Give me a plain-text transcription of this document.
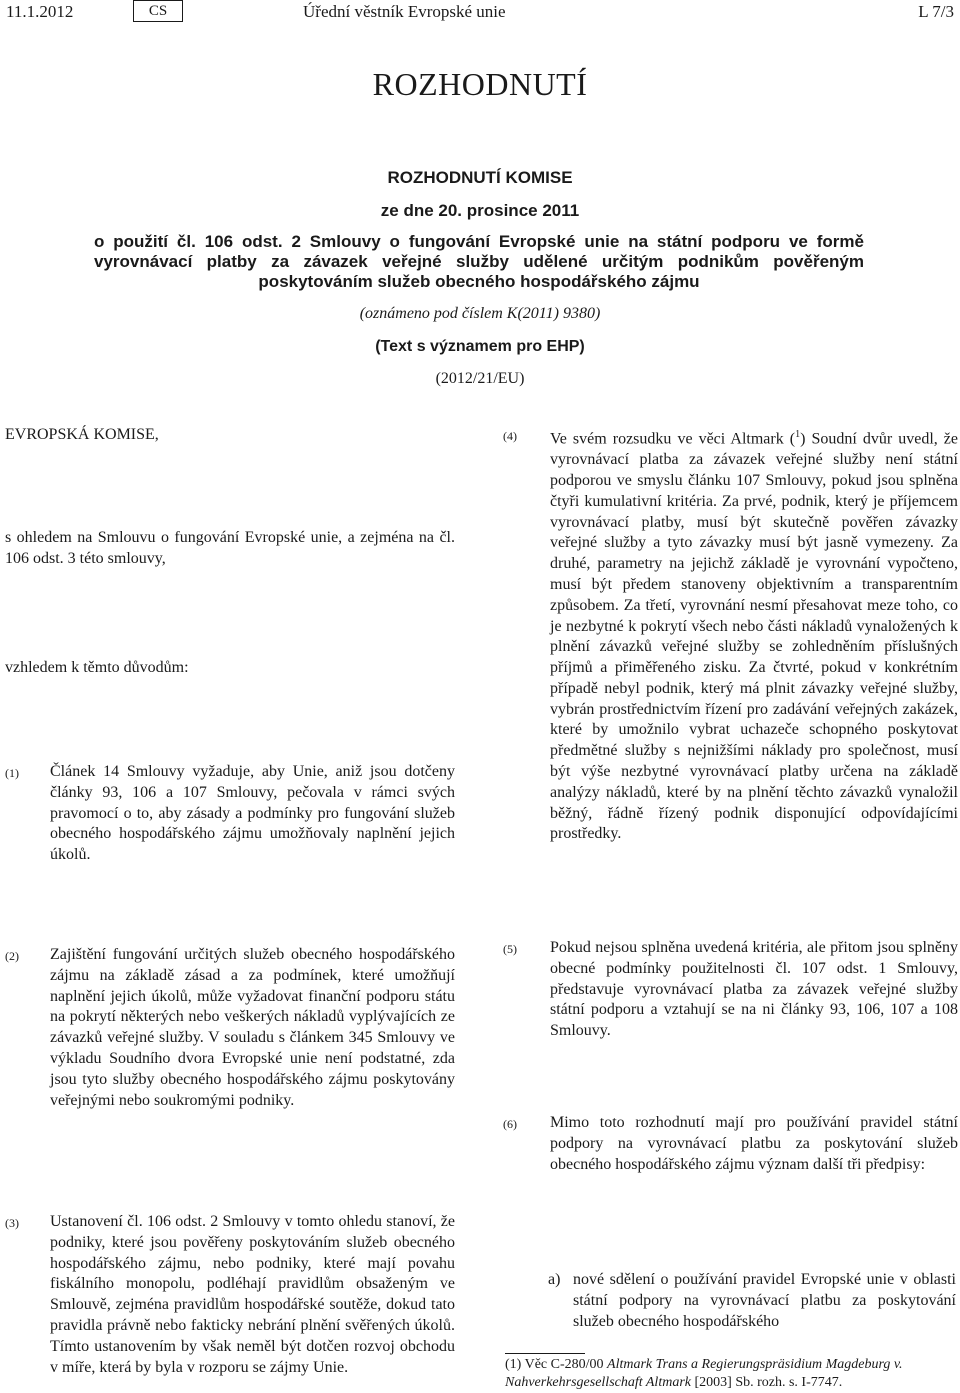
11.1.2012	CS	Úřední věstník Evropské unie	L 7/3
ROZHODNUTÍ
ROZHODNUTÍ KOMISE
ze dne 20. prosince 2011
o použití čl. 106 odst. 2 Smlouvy o fungování Evropské unie na státní podporu ve formě vyrovnávací platby za závazek veřejné služby udělené určitým podnikům pověřeným poskytováním služeb obecného hospodářského zájmu
(oznámeno pod číslem K(2011) 9380)
(Text s významem pro EHP)
(2012/21/EU)
EVROPSKÁ KOMISE,
s ohledem na Smlouvu o fungování Evropské unie, a zejména na čl. 106 odst. 3 této smlouvy,
vzhledem k těmto důvodům:
(1) Článek 14 Smlouvy vyžaduje, aby Unie, aniž jsou dotčeny články 93, 106 a 107 Smlouvy, pečovala v rámci svých pravomocí o to, aby zásady a podmínky pro fungování služeb obecného hospodářského zájmu umožňovaly naplnění jejich úkolů.
(4) Ve svém rozsudku ve věci Altmark ($^1$) Soudní dvůr uvedl, že vyrovnávací platba za závazek veřejné služby není státní podporou ve smyslu článku 107 Smlouvy, pokud jsou splněna čtyři kumulativní kritéria. Za prvé, podnik, který je příjemcem vyrovnávací platby, musí být skutečně pověřen závazky veřejné služby a tyto závazky musí být jasně vymezeny. Za druhé, parametry na jejichž základě je vyrovnání vypočteno, musí být předem stanoveny objektivním a transparentním způsobem. Za třetí, vyrovnání nesmí přesahovat meze toho, co je nezbytné k pokrytí všech nebo části nákladů vynaložených k plnění závazků veřejné služby se zohledněním příslušných příjmů a přiměřeného zisku. Za čtvrté, pokud v konkrétním případě nebyl podnik, který má plnit závazky veřejné služby, vybrán prostřednictvím řízení pro zadávání veřejných zakázek, které by umožnilo vybrat uchazeče schopného poskytovat předmětné služby s nejnižšími náklady pro společnost, musí být výše nezbytné vyrovnávací platby určena na základě analýzy nákladů, které by na plnění těchto závazků vynaložil běžný, řádně řízený podnik disponující odpovídajícími prostředky.
(2) Zajištění fungování určitých služeb obecného hospodářského zájmu na základě zásad a za podmínek, které umožňují naplnění jejich úkolů, může vyžadovat finanční podporu státu na pokrytí některých nebo veškerých nákladů vyplývajících ze závazků veřejné služby. V souladu s článkem 345 Smlouvy ve výkladu Soudního dvora Evropské unie není podstatné, zda jsou tyto služby obecného hospodářského zájmu poskytovány veřejnými nebo soukromými podniky.
(3) Ustanovení čl. 106 odst. 2 Smlouvy v tomto ohledu stanoví, že podniky, které jsou pověřeny poskytováním služeb obecného hospodářského zájmu, nebo podniky, které mají povahu fiskálního monopolu, podléhají pravidlům obsaženým ve Smlouvě, zejména pravidlům hospodářské soutěže, dokud tato pravidla právně nebo fakticky nebrání plnění svěřených úkolů. Tímto ustanovením by však neměl být dotčen rozvoj obchodu v míře, která by byla v rozporu se zájmy Unie.
(5) Pokud nejsou splněna uvedená kritéria, ale přitom jsou splněny obecné podmínky použitelnosti čl. 107 odst. 1 Smlouvy, představuje vyrovnávací platba za závazek veřejné služby státní podporu a vztahují se na ni články 93, 106, 107 a 108 Smlouvy.
(6) Mimo toto rozhodnutí mají pro používání pravidel státní podpory na vyrovnávací platbu za poskytování služeb obecného hospodářského zájmu význam další tři předpisy:
a) nové sdělení o používání pravidel Evropské unie v oblasti státní podpory na vyrovnávací platbu za poskytování služeb obecného hospodářského
(1) Věc C-280/00 Altmark Trans a Regierungspräsidium Magdeburg v. Nahverkehrsgesellschaft Altmark [2003] Sb. rozh. s. I-7747.
